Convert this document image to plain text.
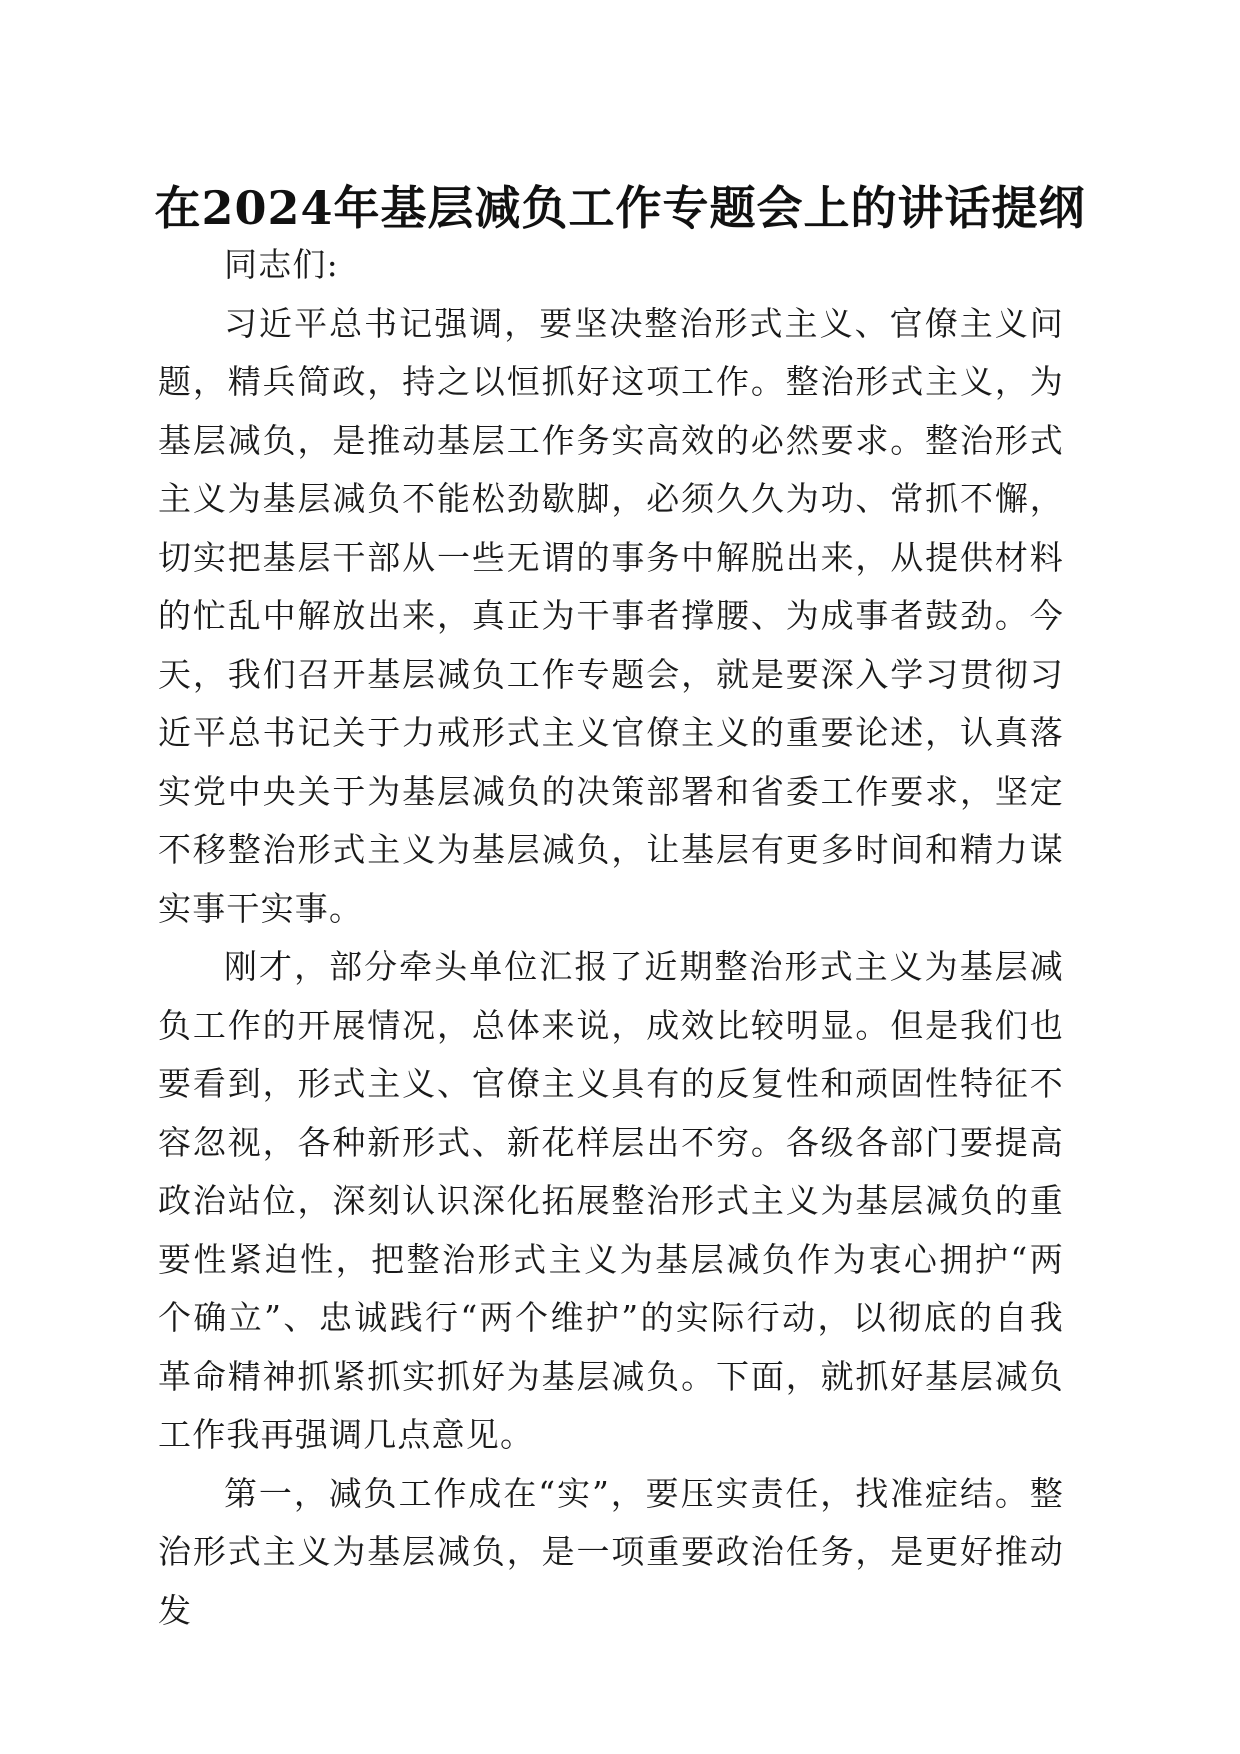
在2024年基层减负工作专题会上的讲话提纲

同志们:

习近平总书记强调，要坚决整治形式主义、官僚主义问题，精兵简政，持之以恒抓好这项工作。整治形式主义，为基层减负，是推动基层工作务实高效的必然要求。整治形式主义为基层减负不能松劲歇脚，必须久久为功、常抓不懈，切实把基层干部从一些无谓的事务中解脱出来，从提供材料的忙乱中解放出来，真正为干事者撑腰、为成事者鼓劲。今天，我们召开基层减负工作专题会，就是要深入学习贯彻习近平总书记关于力戒形式主义官僚主义的重要论述，认真落实党中央关于为基层减负的决策部署和省委工作要求，坚定不移整治形式主义为基层减负，让基层有更多时间和精力谋实事干实事。

刚才，部分牵头单位汇报了近期整治形式主义为基层减负工作的开展情况，总体来说，成效比较明显。但是我们也要看到，形式主义、官僚主义具有的反复性和顽固性特征不容忽视，各种新形式、新花样层出不穷。各级各部门要提高政治站位，深刻认识深化拓展整治形式主义为基层减负的重要性紧迫性，把整治形式主义为基层减负作为衷心拥护“两个确立”、忠诚践行“两个维护”的实际行动，以彻底的自我革命精神抓紧抓实抓好为基层减负。下面，就抓好基层减负工作我再强调几点意见。

第一，减负工作成在“实”，要压实责任，找准症结。整治形式主义为基层减负，是一项重要政治任务，是更好推动发
